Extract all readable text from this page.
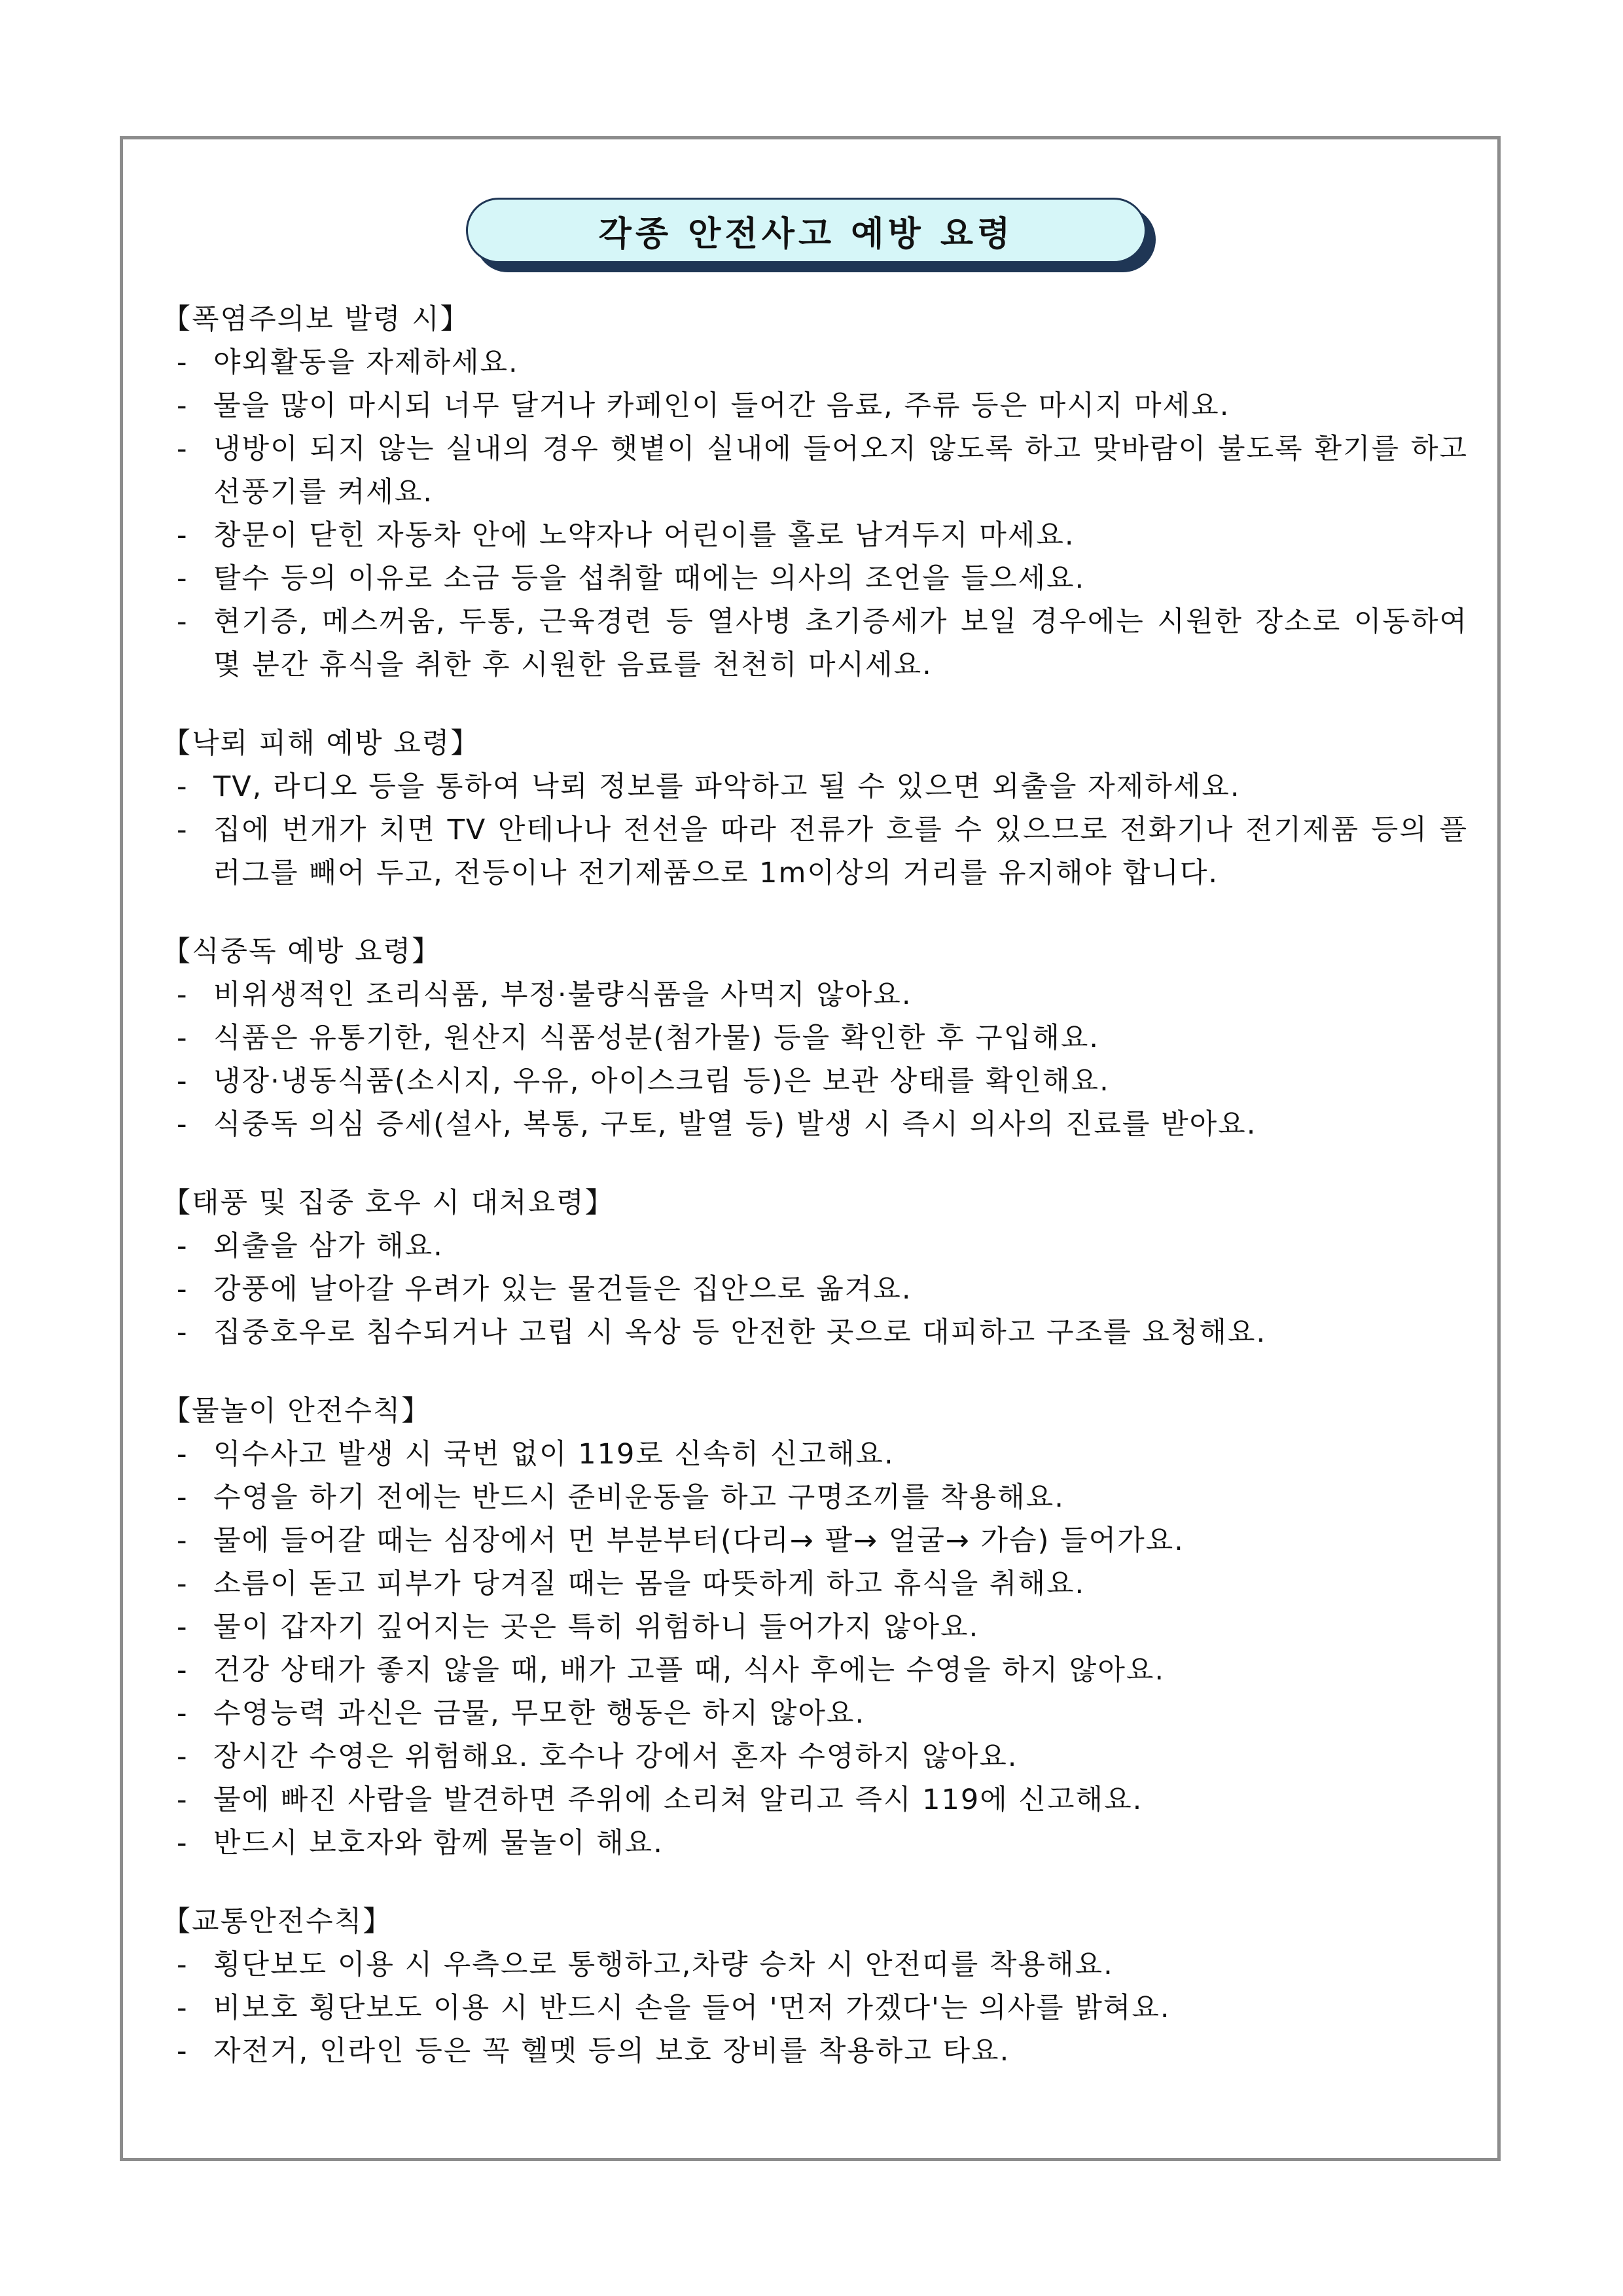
각종 안전사고 예방 요령
【폭염주의보 발령 시】
- 야외활동을 자제하세요.
- 물을 많이 마시되 너무 달거나 카페인이 들어간 음료, 주류 등은 마시지 마세요.
- 냉방이 되지 않는 실내의 경우 햇볕이 실내에 들어오지 않도록 하고 맞바람이 불도록 환기를 하고 선풍기를 켜세요.
- 창문이 닫힌 자동차 안에 노약자나 어린이를 홀로 남겨두지 마세요.
- 탈수 등의 이유로 소금 등을 섭취할 때에는 의사의 조언을 들으세요.
- 현기증, 메스꺼움, 두통, 근육경련 등 열사병 초기증세가 보일 경우에는 시원한 장소로 이동하여 몇 분간 휴식을 취한 후 시원한 음료를 천천히 마시세요.
【낙뢰 피해 예방 요령】
- TV, 라디오 등을 통하여 낙뢰 정보를 파악하고 될 수 있으면 외출을 자제하세요.
- 집에 번개가 치면 TV 안테나나 전선을 따라 전류가 흐를 수 있으므로 전화기나 전기제품 등의 플러그를 빼어 두고, 전등이나 전기제품으로 1m이상의 거리를 유지해야 합니다.
【식중독 예방 요령】
- 비위생적인 조리식품, 부정·불량식품을 사먹지 않아요.
- 식품은 유통기한, 원산지 식품성분(첨가물) 등을 확인한 후 구입해요.
- 냉장·냉동식품(소시지, 우유, 아이스크림 등)은 보관 상태를 확인해요.
- 식중독 의심 증세(설사, 복통, 구토, 발열 등) 발생 시 즉시 의사의 진료를 받아요.
【태풍 및 집중 호우 시 대처요령】
- 외출을 삼가 해요.
- 강풍에 날아갈 우려가 있는 물건들은 집안으로 옮겨요.
- 집중호우로 침수되거나 고립 시 옥상 등 안전한 곳으로 대피하고 구조를 요청해요.
【물놀이 안전수칙】
- 익수사고 발생 시 국번 없이 119로 신속히 신고해요.
- 수영을 하기 전에는 반드시 준비운동을 하고 구명조끼를 착용해요.
- 물에 들어갈 때는 심장에서 먼 부분부터(다리→ 팔→ 얼굴→ 가슴) 들어가요.
- 소름이 돋고 피부가 당겨질 때는 몸을 따뜻하게 하고 휴식을 취해요.
- 물이 갑자기 깊어지는 곳은 특히 위험하니 들어가지 않아요.
- 건강 상태가 좋지 않을 때, 배가 고플 때, 식사 후에는 수영을 하지 않아요.
- 수영능력 과신은 금물, 무모한 행동은 하지 않아요.
- 장시간 수영은 위험해요. 호수나 강에서 혼자 수영하지 않아요.
- 물에 빠진 사람을 발견하면 주위에 소리쳐 알리고 즉시 119에 신고해요.
- 반드시 보호자와 함께 물놀이 해요.
【교통안전수칙】
- 횡단보도 이용 시 우측으로 통행하고,차량 승차 시 안전띠를 착용해요.
- 비보호 횡단보도 이용 시 반드시 손을 들어 '먼저 가겠다'는 의사를 밝혀요.
- 자전거, 인라인 등은 꼭 헬멧 등의 보호 장비를 착용하고 타요.
